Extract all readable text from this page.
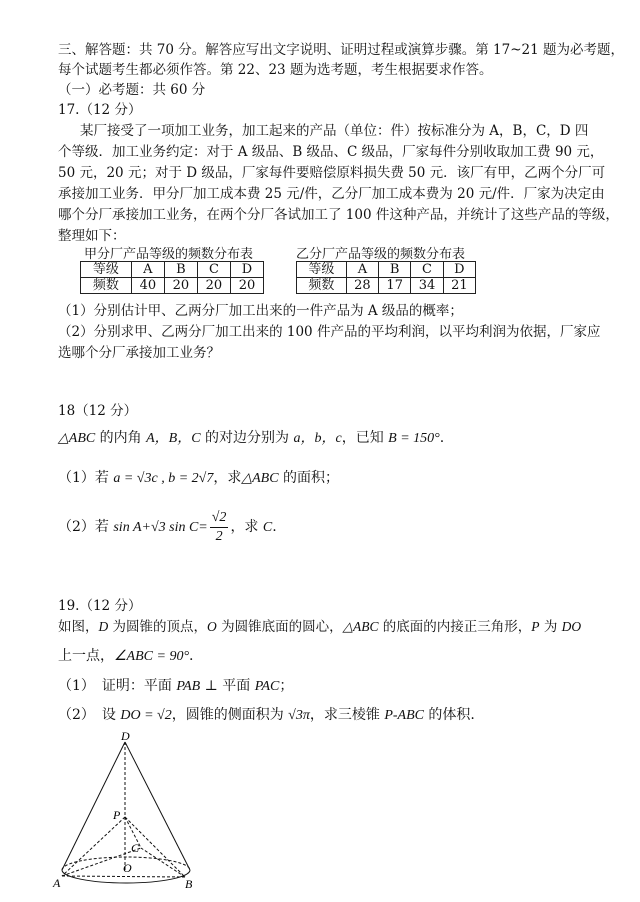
三、解答题：共 70 分。解答应写出文字说明、证明过程或演算步骤。第 17~21 题为必考题，
每个试题考生都必须作答。第 22、23 题为选考题，考生根据要求作答。
（一）必考题：共 60 分
17.（12 分）
某厂接受了一项加工业务，加工起来的产品（单位：件）按标准分为 A，B，C，D 四
个等级．加工业务约定：对于 A 级品、B 级品、C 级品，厂家每件分别收取加工费 90 元，
50 元，20 元；对于 D 级品，厂家每件要赔偿原料损失费 50 元．该厂有甲，乙两个分厂可
承接加工业务．甲分厂加工成本费 25 元/件，乙分厂加工成本费为 20 元/件．厂家为决定由
哪个分厂承接加工业务，在两个分厂各试加工了 100 件这种产品，并统计了这些产品的等级，
整理如下：
甲分厂产品等级的频数分布表
等级	A	B	C	D
频数	40	20	20	20
乙分厂产品等级的频数分布表
等级	A	B	C	D
频数	28	17	34	21
（1）分别估计甲、乙两分厂加工出来的一件产品为 A 级品的概率；
（2）分别求甲、乙两分厂加工出来的 100 件产品的平均利润，以平均利润为依据，厂家应
选哪个分厂承接加工业务？
18（12 分）
△ABC 的内角 A，B，C 的对边分别为 a，b，c，已知 B = 150°.
（1）若 a = √3c , b = 2√7，求△ABC 的面积；
（2）若 sin A+√3 $\sin C= \frac{√2}{2}$ ，求 C.
19.（12 分）
如图，D 为圆锥的顶点，O 为圆锥底面的圆心，△ABC 的底面的内接正三角形，P 为 DO
上一点，∠ABC = 90°.
（1）　证明：平面 PAB ⊥ 平面 PAC；
（2）　设 DO = √2，圆锥的侧面积为 √3π，求三棱锥 P-ABC 的体积.
D
P
C
O
A	B
